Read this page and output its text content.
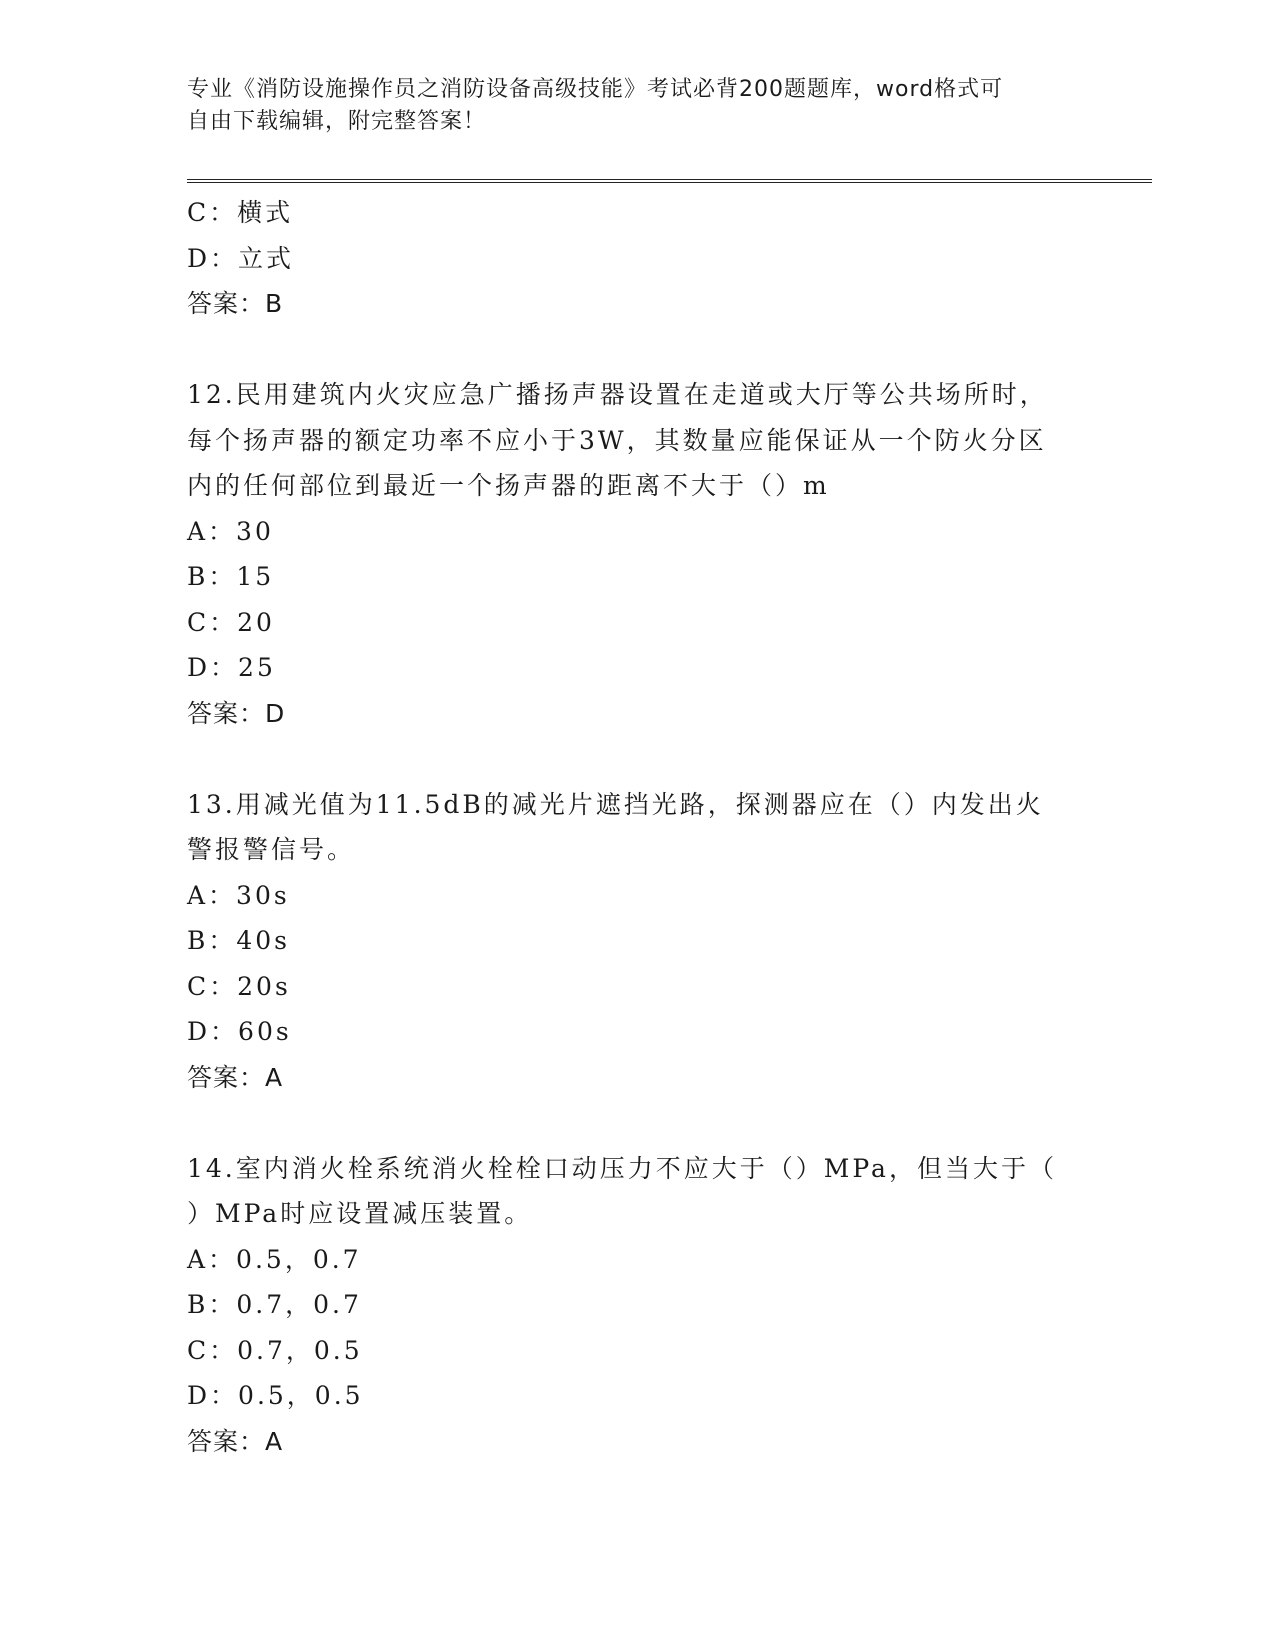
专业《消防设施操作员之消防设备高级技能》考试必背200题题库，word格式可
自由下载编辑，附完整答案！
C：横式
D：立式
答案：B
12.民用建筑内火灾应急广播扬声器设置在走道或大厅等公共场所时，
每个扬声器的额定功率不应小于3W，其数量应能保证从一个防火分区
内的任何部位到最近一个扬声器的距离不大于（）m
A：30
B：15
C：20
D：25
答案：D
13.用减光值为11.5dB的减光片遮挡光路，探测器应在（）内发出火
警报警信号。
A：30s
B：40s
C：20s
D：60s
答案：A
14.室内消火栓系统消火栓栓口动压力不应大于（）MPa，但当大于（
）MPa时应设置减压装置。
A：0.5，0.7
B：0.7，0.7
C：0.7，0.5
D：0.5，0.5
答案：A
